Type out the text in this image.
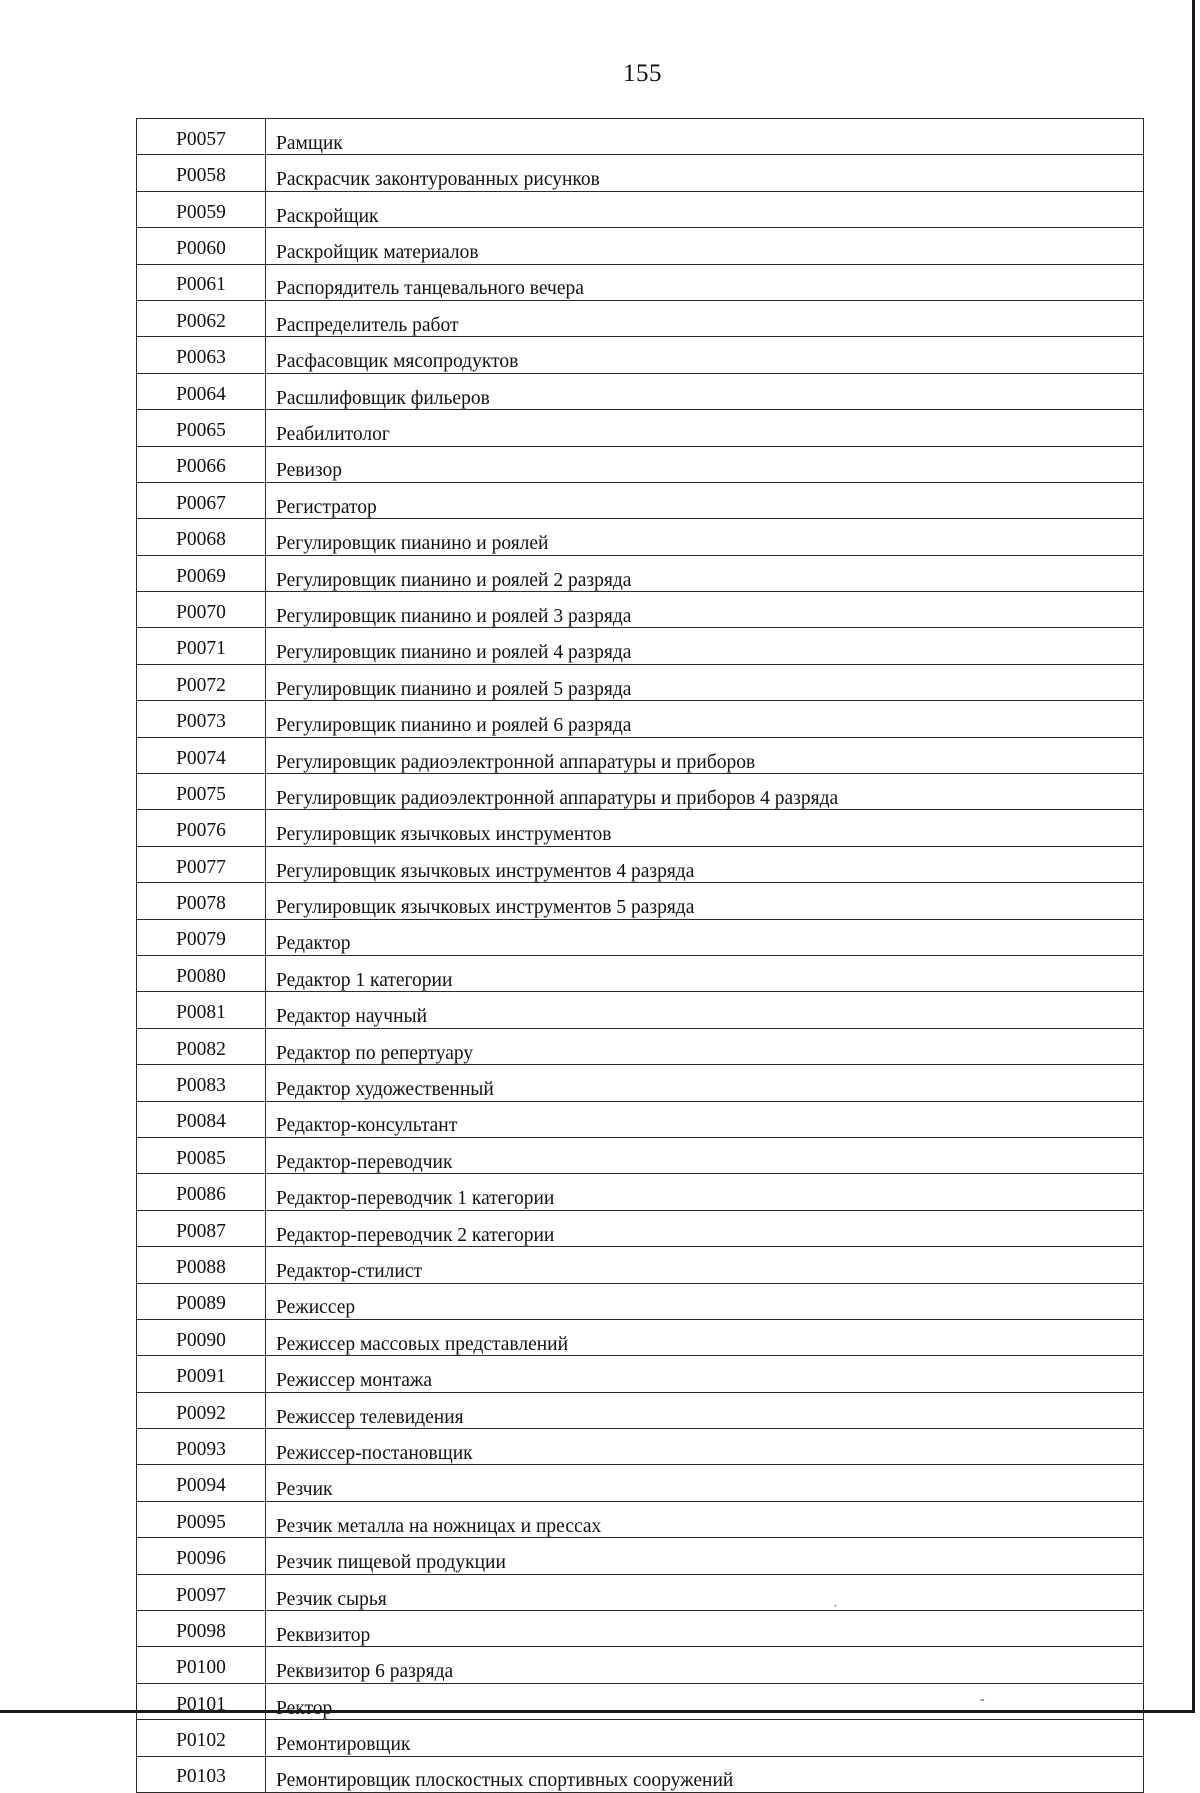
155
P0057	Рамщик
P0058	Раскрасчик законтурованных рисунков
P0059	Раскройщик
P0060	Раскройщик материалов
P0061	Распорядитель танцевального вечера
P0062	Распределитель работ
P0063	Расфасовщик мясопродуктов
P0064	Расшлифовщик фильеров
P0065	Реабилитолог
P0066	Ревизор
P0067	Регистратор
P0068	Регулировщик пианино и роялей
P0069	Регулировщик пианино и роялей 2 разряда
P0070	Регулировщик пианино и роялей 3 разряда
P0071	Регулировщик пианино и роялей 4 разряда
P0072	Регулировщик пианино и роялей 5 разряда
P0073	Регулировщик пианино и роялей 6 разряда
P0074	Регулировщик радиоэлектронной аппаратуры и приборов
P0075	Регулировщик радиоэлектронной аппаратуры и приборов 4 разряда
P0076	Регулировщик язычковых инструментов
P0077	Регулировщик язычковых инструментов 4 разряда
P0078	Регулировщик язычковых инструментов 5 разряда
P0079	Редактор
P0080	Редактор 1 категории
P0081	Редактор научный
P0082	Редактор по репертуару
P0083	Редактор художественный
P0084	Редактор-консультант
P0085	Редактор-переводчик
P0086	Редактор-переводчик 1 категории
P0087	Редактор-переводчик 2 категории
P0088	Редактор-стилист
P0089	Режиссер
P0090	Режиссер массовых представлений
P0091	Режиссер монтажа
P0092	Режиссер телевидения
P0093	Режиссер-постановщик
P0094	Резчик
P0095	Резчик металла на ножницах и прессах
P0096	Резчик пищевой продукции
P0097	Резчик сырья
P0098	Реквизитор
P0100	Реквизитор 6 разряда
P0101	Ректор
P0102	Ремонтировщик
P0103	Ремонтировщик плоскостных спортивных сооружений
˙
-
